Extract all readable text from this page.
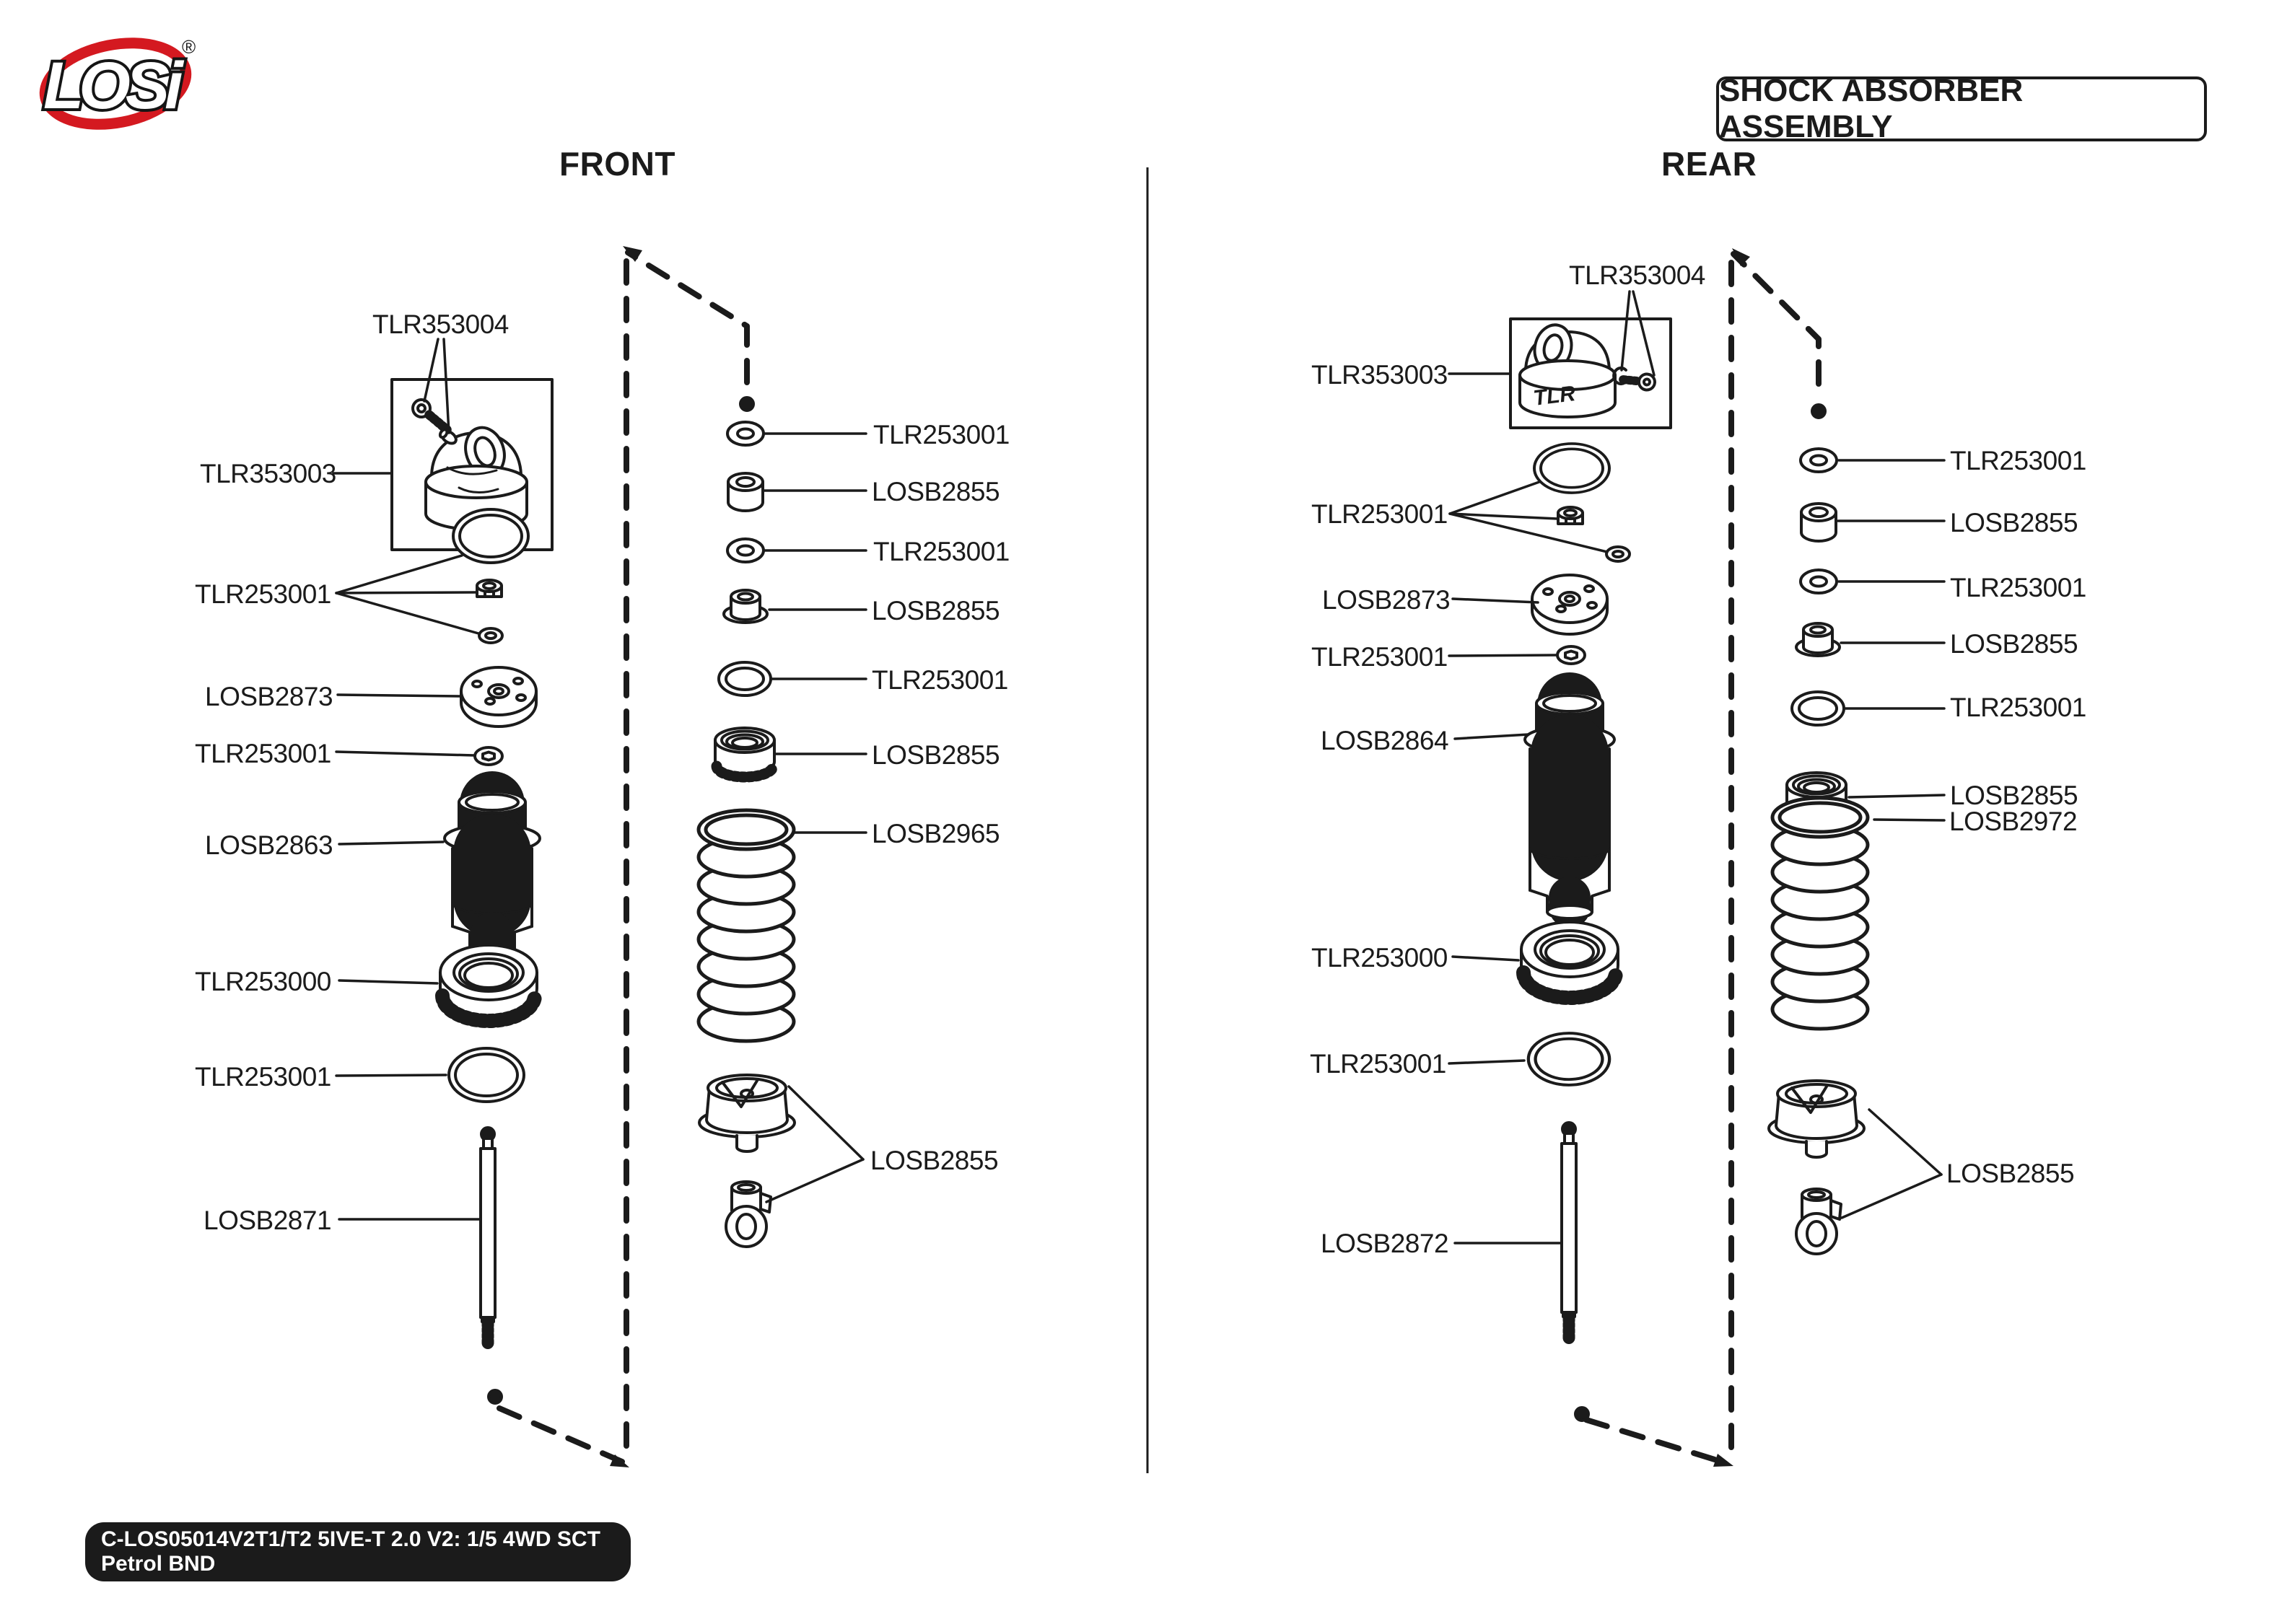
TLR
LOSi
®
SHOCK ABSORBER ASSEMBLY
FRONT	REAR
C-LOS05014V2T1/T2 5IVE-T 2.0 V2: 1/5 4WD SCT Petrol BND
TLR353004
TLR353003
TLR253001
LOSB2873
TLR253001
LOSB2863
TLR253000
TLR253001
LOSB2871
TLR253001
LOSB2855
TLR253001
LOSB2855
TLR253001
LOSB2855
LOSB2965
LOSB2855
TLR353004
TLR353003
TLR253001
LOSB2873
TLR253001
LOSB2864
TLR253000
TLR253001
LOSB2872
TLR253001
LOSB2855
TLR253001
LOSB2855
TLR253001
LOSB2855
LOSB2972
LOSB2855
